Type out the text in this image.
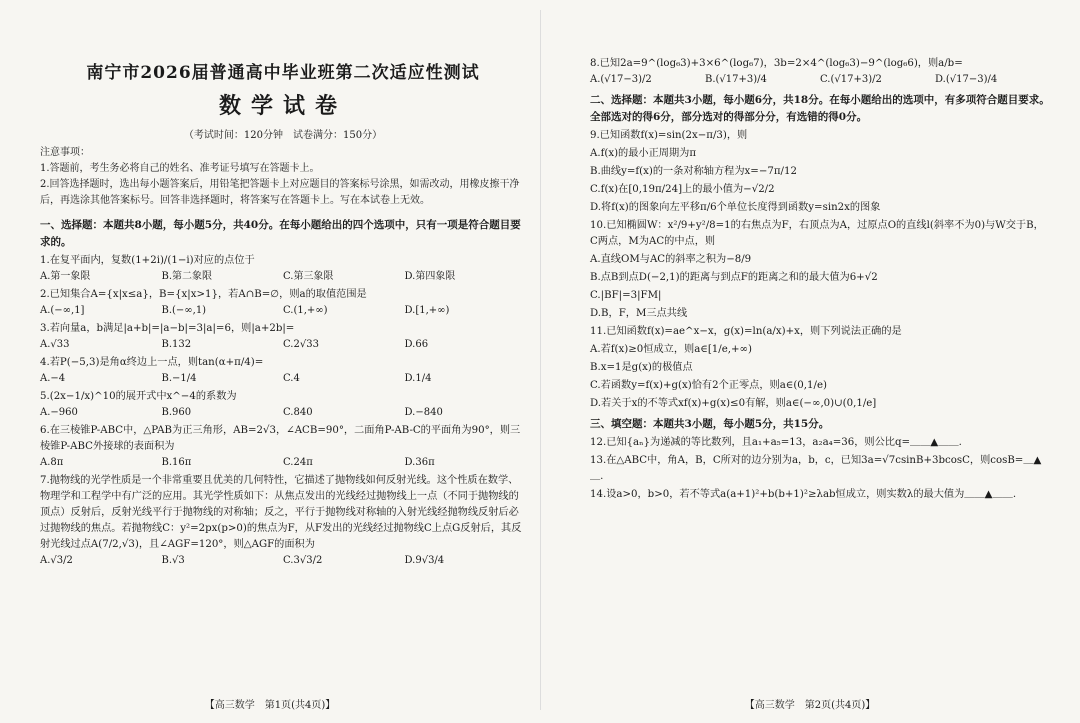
南宁市2026届普通高中毕业班第二次适应性测试
数学试卷
（考试时间：120分钟　试卷满分：150分）

注意事项：

1.答题前，考生务必将自己的姓名、准考证号填写在答题卡上。

2.回答选择题时，选出每小题答案后，用铅笔把答题卡上对应题目的答案标号涂黑，如需改动，用橡皮擦干净后，再选涂其他答案标号。回答非选择题时，将答案写在答题卡上。写在本试卷上无效。

一、选择题：本题共8小题，每小题5分，共40分。在每小题给出的四个选项中，只有一项是符合题目要求的。

1.在复平面内，复数(1+2i)/(1−i)对应的点位于

A.第一象限	B.第二象限	C.第三象限	D.第四象限

2.已知集合A={x|x≤a}，B={x|x>1}，若A∩B=∅，则a的取值范围是

A.(−∞,1]	B.(−∞,1)	C.(1,+∞)	D.[1,+∞)

3.若向量a，b满足|a+b|=|a−b|=3|a|=6，则|a+2b|=

A.√33	B.132	C.2√33	D.66

4.若P(−5,3)是角α终边上一点，则tan(α+π/4)=

A.−4	B.−1/4	C.4	D.1/4

5.(2x−1/x)^10的展开式中x^−4的系数为

A.−960	B.960	C.840	D.−840

6.在三棱锥P-ABC中，△PAB为正三角形，AB=2√3，∠ACB=90°，二面角P-AB-C的平面角为90°，则三棱锥P-ABC外接球的表面积为

A.8π	B.16π	C.24π	D.36π

7.抛物线的光学性质是一个非常重要且优美的几何特性，它描述了抛物线如何反射光线。这个性质在数学、物理学和工程学中有广泛的应用。其光学性质如下：从焦点发出的光线经过抛物线上一点（不同于抛物线的顶点）反射后，反射光线平行于抛物线的对称轴；反之，平行于抛物线对称轴的入射光线经抛物线反射后必过抛物线的焦点。若抛物线C：y²=2px(p>0)的焦点为F，从F发出的光线经过抛物线C上点G反射后，其反射光线过点A(7/2,√3)，且∠AGF=120°，则△AGF的面积为

A.√3/2	B.√3	C.3√3/2	D.9√3/4
【高三数学　第1页(共4页)】

8.已知2a=9^(log₆3)+3×6^(log₆7)，3b=2×4^(log₆3)−9^(log₆6)，则a/b=

A.(√17−3)/2	B.(√17+3)/4	C.(√17+3)/2	D.(√17−3)/4

二、选择题：本题共3小题，每小题6分，共18分。在每小题给出的选项中，有多项符合题目要求。全部选对的得6分，部分选对的得部分分，有选错的得0分。

9.已知函数f(x)=sin(2x−π/3)，则

A.f(x)的最小正周期为π

B.曲线y=f(x)的一条对称轴方程为x=−7π/12

C.f(x)在[0,19π/24]上的最小值为−√2/2

D.将f(x)的图象向左平移π/6个单位长度得到函数y=sin2x的图象

10.已知椭圆W：x²/9+y²/8=1的右焦点为F，右顶点为A，过原点O的直线l(斜率不为0)与W交于B，C两点，M为AC的中点，则

A.直线OM与AC的斜率之积为−8/9

B.点B到点D(−2,1)的距离与到点F的距离之和的最大值为6+√2

C.|BF|=3|FM|

D.B，F，M三点共线

11.已知函数f(x)=ae^x−x，g(x)=ln(a/x)+x，则下列说法正确的是

A.若f(x)≥0恒成立，则a∈[1/e,+∞)

B.x=1是g(x)的极值点

C.若函数y=f(x)+g(x)恰有2个正零点，则a∈(0,1/e)

D.若关于x的不等式xf(x)+g(x)≤0有解，则a∈(−∞,0)∪(0,1/e]

三、填空题：本题共3小题，每小题5分，共15分。

12.已知{aₙ}为递减的等比数列，且a₁+a₅=13，a₂a₄=36，则公比q=＿＿▲＿＿.

13.在△ABC中，角A，B，C所对的边分别为a，b，c，已知3a=√7csinB+3bcosC，则cosB=＿▲＿.

14.设a>0，b>0，若不等式a(a+1)²+b(b+1)²≥λab恒成立，则实数λ的最大值为＿＿▲＿＿.

【高三数学　第2页(共4页)】
